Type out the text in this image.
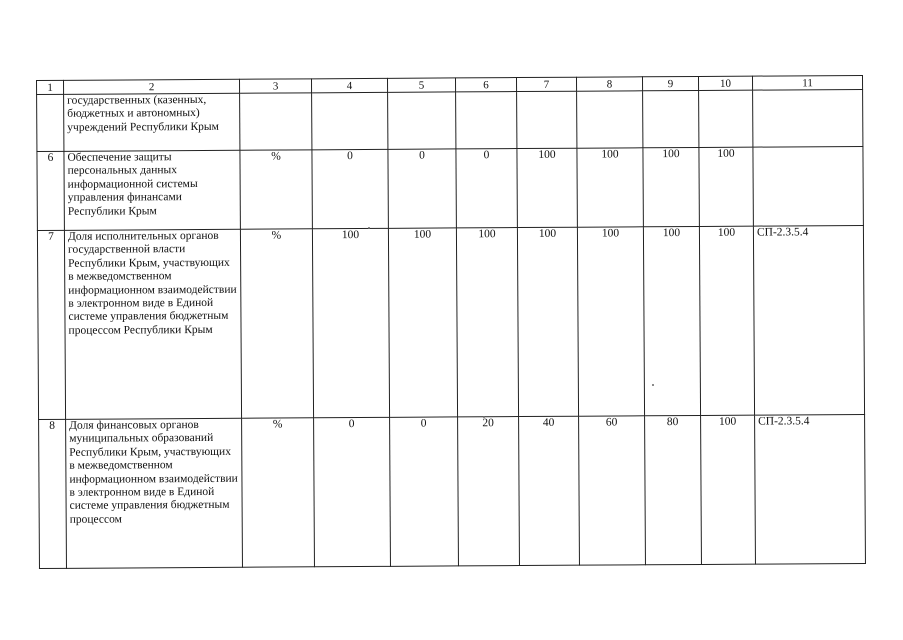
1	2	3	4	5	6	7	8	9	10	11
	государственных (казенных, бюджетных и автономных) учреждений Республики Крым									
6	Обеспечение защиты персональных данных информационной системы управления финансами Республики Крым	%	0	0	0	100	100	100	100	
7	Доля исполнительных органов государственной власти Республики Крым, участвующих в межведомственном информационном взаимодействии в электронном виде в Единой системе управления бюджетным процессом Республики Крым	%	100	100	100	100	100	100	100	СП-2.3.5.4
8	Доля финансовых органов муниципальных образований Республики Крым, участвующих в межведомственном информационном взаимодействии в электронном виде в Единой системе управления бюджетным процессом	%	0	0	20	40	60	80	100	СП-2.3.5.4
